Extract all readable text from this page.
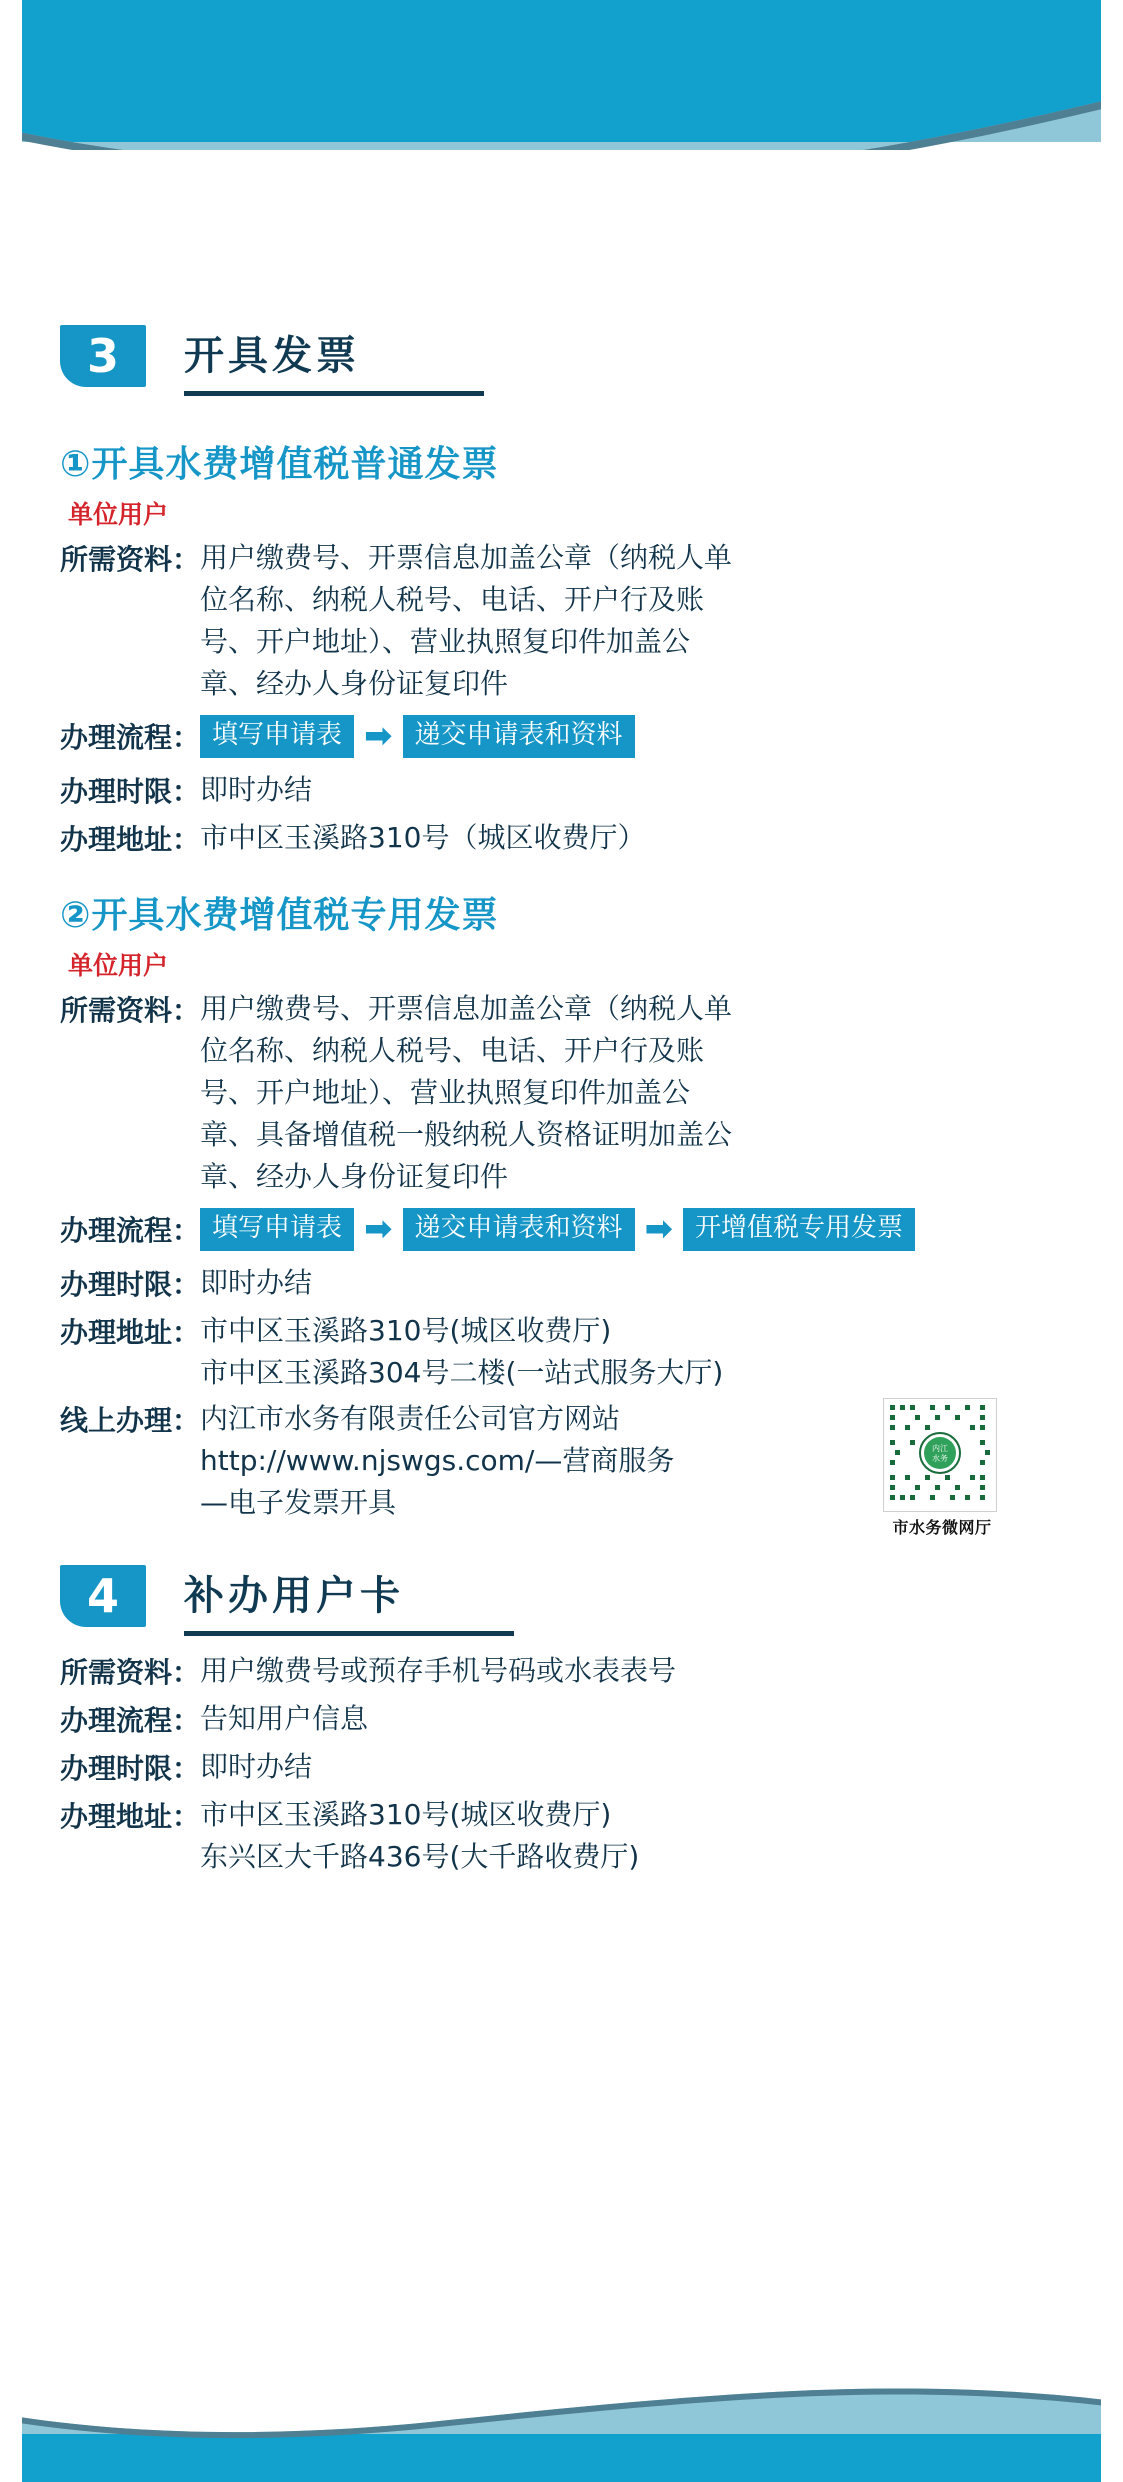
3	开具发票
①开具水费增值税普通发票
单位用户
所需资料： 用户缴费号、开票信息加盖公章（纳税人单
位名称、纳税人税号、电话、开户行及账
号、开户地址）、营业执照复印件加盖公
章、经办人身份证复印件
办理流程： 填写申请表 ➡ 递交申请表和资料
办理时限： 即时办结
办理地址： 市中区玉溪路310号（城区收费厅）
②开具水费增值税专用发票
单位用户
所需资料： 用户缴费号、开票信息加盖公章（纳税人单
位名称、纳税人税号、电话、开户行及账
号、开户地址）、营业执照复印件加盖公
章、具备增值税一般纳税人资格证明加盖公
章、经办人身份证复印件
办理流程： 填写申请表 ➡ 递交申请表和资料 ➡ 开增值税专用发票
办理时限： 即时办结
办理地址： 市中区玉溪路310号(城区收费厅)
市中区玉溪路304号二楼(一站式服务大厅)
线上办理： 内江市水务有限责任公司官方网站
http://www.njswgs.com/—营商服务
—电子发票开具
内江
水务
市水务微网厅
4	补办用户卡
所需资料： 用户缴费号或预存手机号码或水表表号
办理流程： 告知用户信息
办理时限： 即时办结
办理地址： 市中区玉溪路310号(城区收费厅)
东兴区大千路436号(大千路收费厅)
